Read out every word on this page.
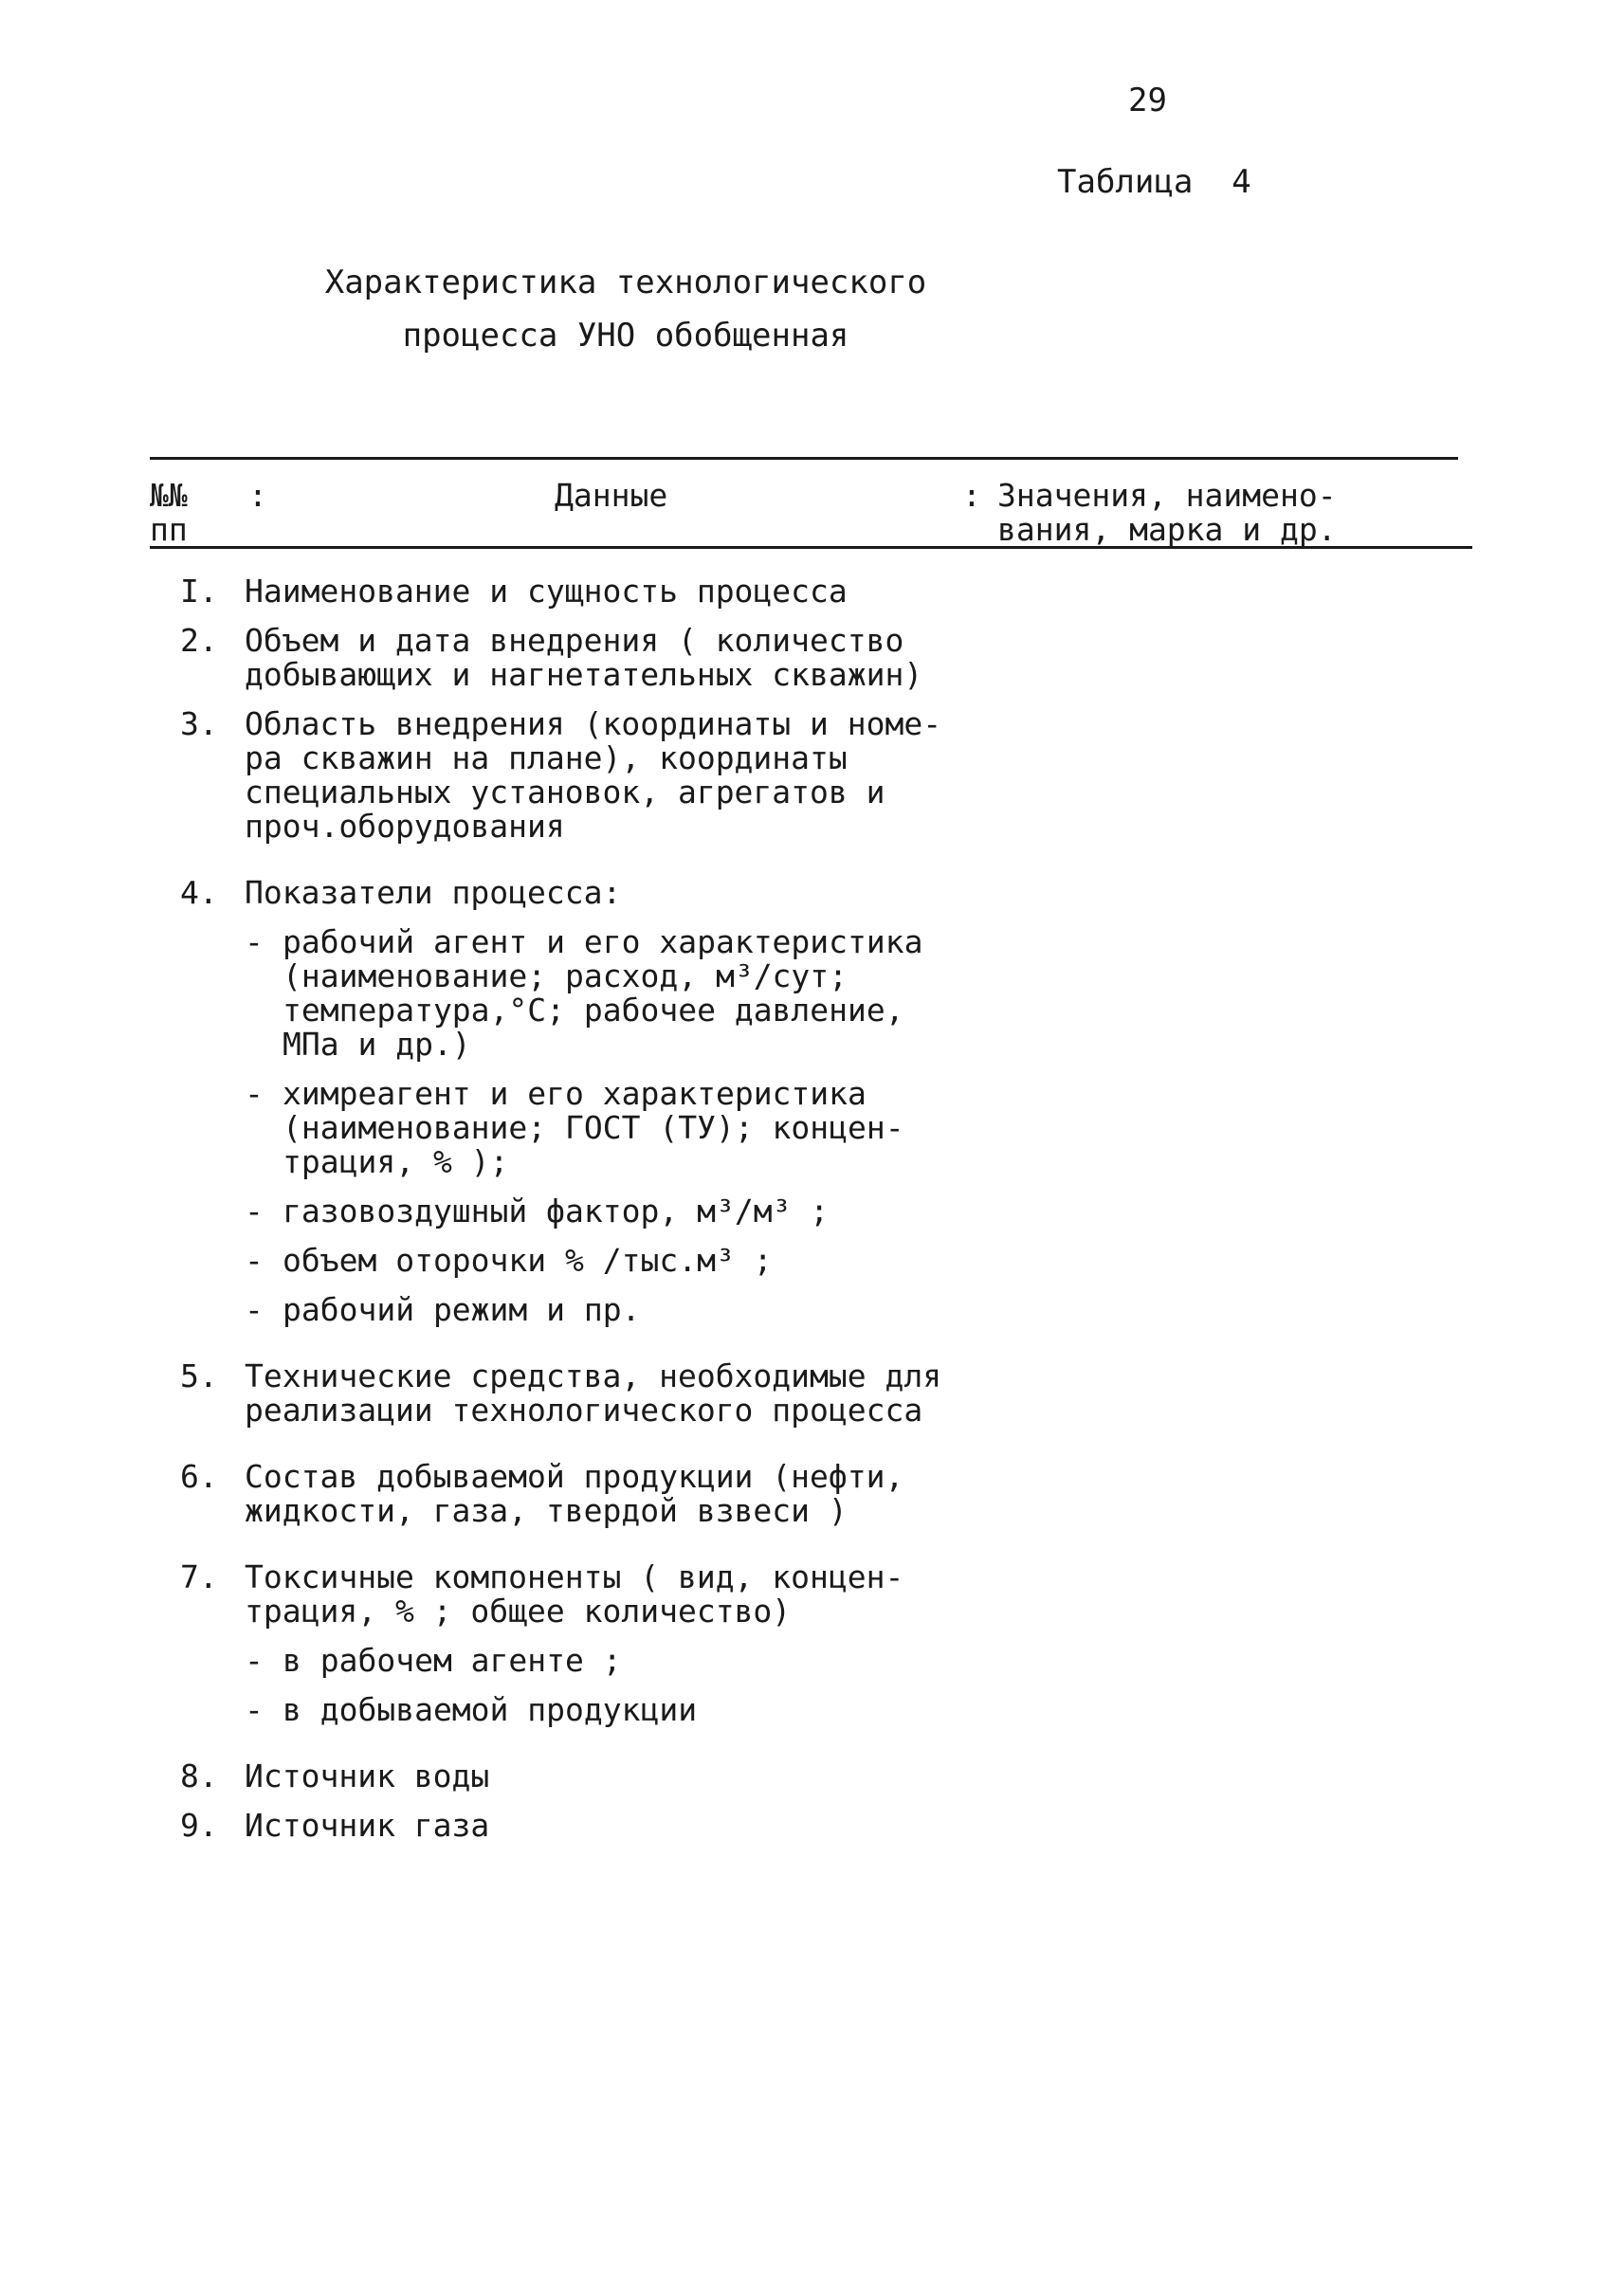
29
Таблица  4
Характеристика технологического
процесса УНО обобщенная
№№
пп
:	Данные	: Значения, наимено-
вания, марка и др.
I. Наименование и сущность процесса
2. Объем и дата внедрения ( количество
добывающих и нагнетательных скважин)
3. Область внедрения (координаты и номе-
ра скважин на плане), координаты
специальных установок, агрегатов и
проч.оборудования
4. Показатели процесса:
- рабочий агент и его характеристика
(наименование; расход, м³/сут;
температура,°С; рабочее давление,
МПа и др.)
- химреагент и его характеристика
(наименование; ГОСТ (ТУ); концен-
трация, % );
- газовоздушный фактор, м³/м³ ;
- объем оторочки % /тыс.м³ ;
- рабочий режим и пр.
5. Технические средства, необходимые для
реализации технологического процесса
6. Состав добываемой продукции (нефти,
жидкости, газа, твердой взвеси )
7. Токсичные компоненты ( вид, концен-
трация, % ; общее количество)
- в рабочем агенте ;
- в добываемой продукции
8. Источник воды
9. Источник газа
